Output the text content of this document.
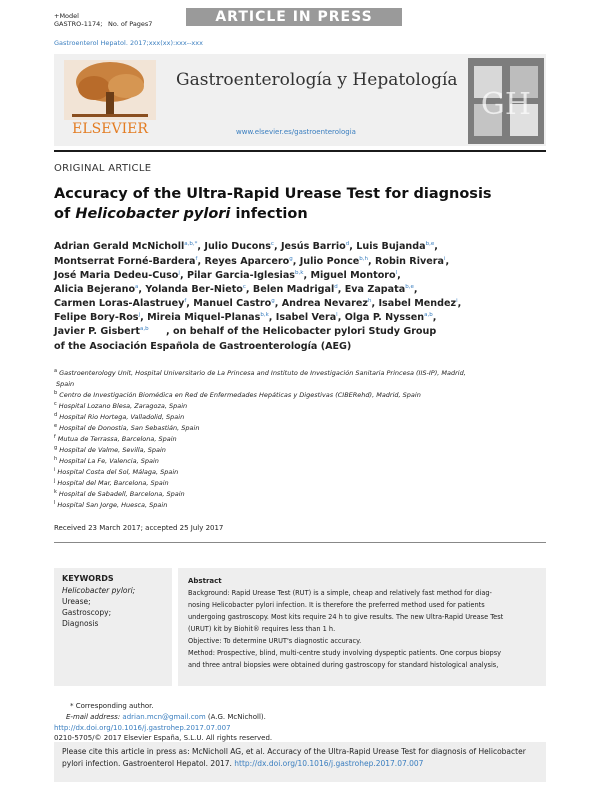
+Model
GASTRO-1174; No. of Pages7	ARTICLE IN PRESS
Gastroenterol Hepatol. 2017;xxx(xx):xxx--xxx
ELSEVIER
Gastroenterología y Hepatología
www.elsevier.es/gastroenterologia
GH
ORIGINAL ARTICLE
Accuracy of the Ultra-Rapid Urease Test for diagnosis
of Helicobacter pylori infection
Adrian Gerald McNicholl$^{a,b,*}$, Julio Ducons$^c$, Jesús Barrio$^d$, Luis Bujanda$^{b,e}$,
Montserrat Forné-Bardera$^f$, Reyes Aparcero$^g$, Julio Ponce$^{b,h}$, Robin Rivera$^i$,
José Maria Dedeu-Cuso$^j$, Pilar Garcia-Iglesias$^{b,k}$, Miguel Montoro$^l$,
Alicia Bejerano$^a$, Yolanda Ber-Nieto$^c$, Belen Madrigal$^d$, Eva Zapata$^{b,e}$,
Carmen Loras-Alastruey$^f$, Manuel Castro$^g$, Andrea Nevarez$^h$, Isabel Mendez$^i$,
Felipe Bory-Ros$^j$, Mireia Miquel-Planas$^{b,k}$, Isabel Vera$^l$, Olga P. Nyssen$^{a,b}$,
Javier P. Gisbert$^{a,b}$ , on behalf of the Helicobacter pylori Study Group
of the Asociación Española de Gastroenterología (AEG)
$^a$ Gastroenterology Unit, Hospital Universitario de La Princesa and Instituto de Investigación Sanitaria Princesa (IIS-IP), Madrid,
Spain
$^b$ Centro de Investigación Biomédica en Red de Enfermedades Hepáticas y Digestivas (CIBERehd), Madrid, Spain
$^c$ Hospital Lozano Blesa, Zaragoza, Spain
$^d$ Hospital Rio Hortega, Valladolid, Spain
$^e$ Hospital de Donostia, San Sebastián, Spain
$^f$ Mutua de Terrassa, Barcelona, Spain
$^g$ Hospital de Valme, Sevilla, Spain
$^h$ Hospital La Fe, Valencia, Spain
$^i$ Hospital Costa del Sol, Málaga, Spain
$^j$ Hospital del Mar, Barcelona, Spain
$^k$ Hospital de Sabadell, Barcelona, Spain
$^l$ Hospital San Jorge, Huesca, Spain
Received 23 March 2017; accepted 25 July 2017
KEYWORDS
Helicobacter pylori;
Urease;
Gastroscopy;
Diagnosis
Abstract
Background: Rapid Urease Test (RUT) is a simple, cheap and relatively fast method for diag-
nosing Helicobacter pylori infection. It is therefore the preferred method used for patients
undergoing gastroscopy. Most kits require 24 h to give results. The new Ultra-Rapid Urease Test
(URUT) kit by Biohit® requires less than 1 h.
Objective: To determine URUT's diagnostic accuracy.
Method: Prospective, blind, multi-centre study involving dyspeptic patients. One corpus biopsy
and three antral biopsies were obtained during gastroscopy for standard histological analysis,
* Corresponding author.
E-mail address: adrian.mcn@gmail.com (A.G. McNicholl).
http://dx.doi.org/10.1016/j.gastrohep.2017.07.007
0210-5705/© 2017 Elsevier España, S.L.U. All rights reserved.
Please cite this article in press as: McNicholl AG, et al. Accuracy of the Ultra-Rapid Urease Test for diagnosis of Helicobacter
pylori infection. Gastroenterol Hepatol. 2017. http://dx.doi.org/10.1016/j.gastrohep.2017.07.007
